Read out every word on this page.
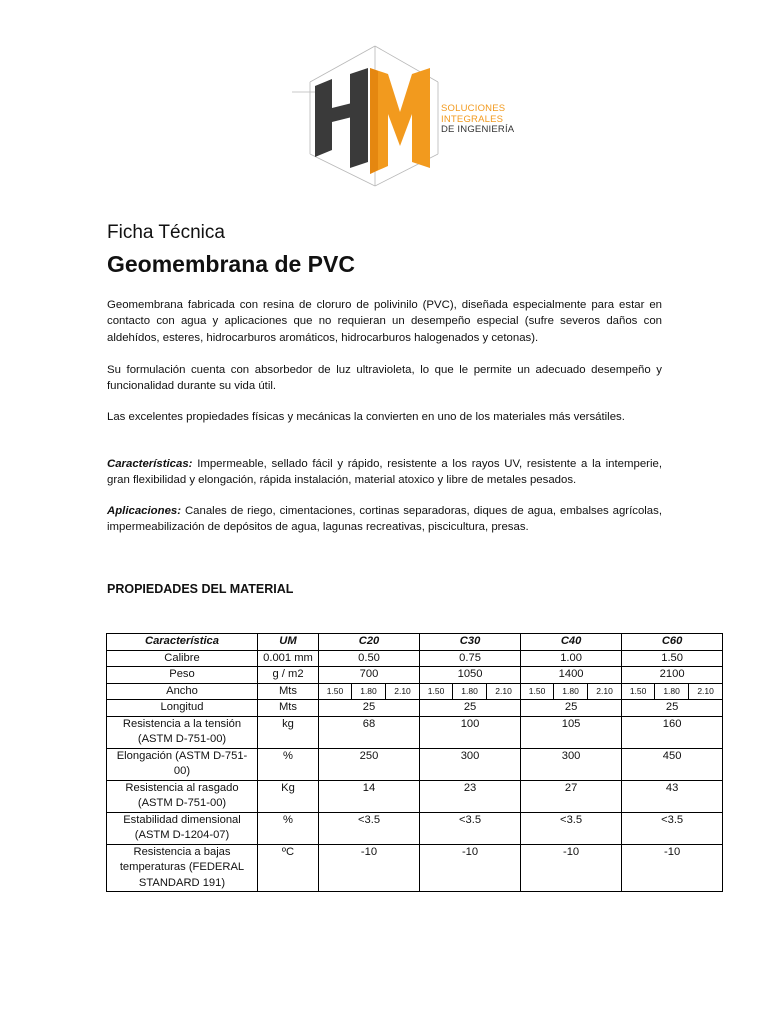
SOLUCIONES
INTEGRALES
DE INGENIERÍA
Ficha Técnica
Geomembrana de PVC
Geomembrana fabricada con resina de cloruro de polivinilo (PVC), diseñada especialmente para estar en contacto con agua y aplicaciones que no requieran un desempeño especial (sufre severos daños con aldehídos, esteres, hidrocarburos aromáticos, hidrocarburos halogenados y cetonas).
Su formulación cuenta con absorbedor de luz ultravioleta, lo que le permite un adecuado desempeño y funcionalidad durante su vida útil.
Las excelentes propiedades físicas y mecánicas la convierten en uno de los materiales más versátiles.
Características: Impermeable, sellado fácil y rápido, resistente a los rayos UV, resistente a la intemperie, gran flexibilidad y elongación, rápida instalación, material atoxico y libre de metales pesados.
Aplicaciones: Canales de riego, cimentaciones, cortinas separadoras, diques de agua, embalses agrícolas, impermeabilización de depósitos de agua, lagunas recreativas, piscicultura, presas.
PROPIEDADES DEL MATERIAL
Característica	UM	C20			C30			C40			C60		
Calibre	0.001 mm	0.50			0.75			1.00			1.50		
Peso	g / m2	700			1050			1400			2100		
Ancho	Mts	1.50	1.80	2.10	1.50	1.80	2.10	1.50	1.80	2.10	1.50	1.80	2.10
Longitud	Mts	25			25			25			25		
Resistencia a la tensión (ASTM D-751-00)	kg	68			100			105			160		
Elongación (ASTM D-751-00)	%	250			300			300			450		
Resistencia al rasgado (ASTM D-751-00)	Kg	14			23			27			43		
Estabilidad dimensional (ASTM D-1204-07)	%	<3.5			<3.5			<3.5			<3.5		
Resistencia a bajas temperaturas (FEDERAL STANDARD 191)	ºC	-10			-10			-10			-10		
